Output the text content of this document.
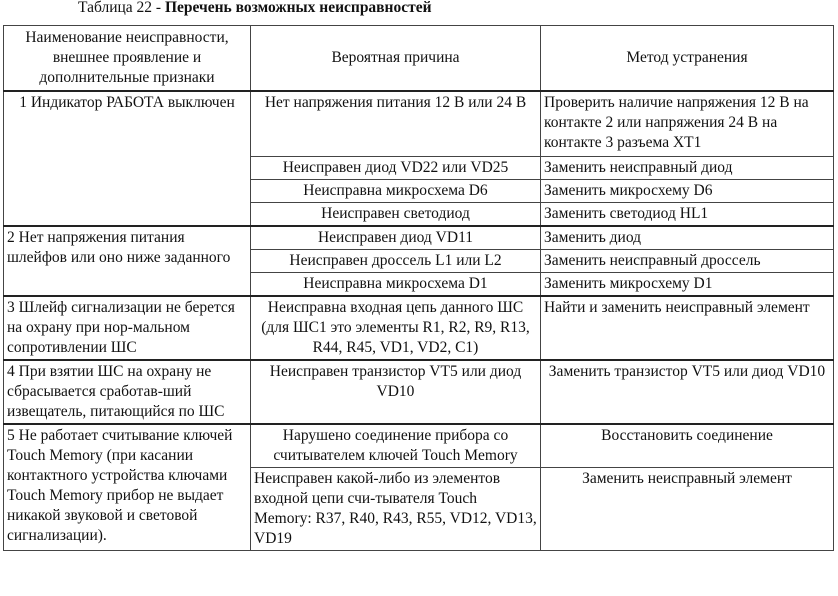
Таблица 22 - Перечень возможных неисправностей
Наименование неисправности, внешнее проявление и дополнительные признаки	Вероятная причина	Метод устранения
1 Индикатор РАБОТА выключен	Нет напряжения питания 12 В или 24 В	Проверить наличие напряжения 12 В на контакте 2 или напряжения 24 В на контакте 3 разъема ХТ1
	Неисправен диод VD22 или VD25	Заменить неисправный диод
	Неисправна микросхема D6	Заменить микросхему D6
	Неисправен светодиод	Заменить светодиод HL1
2 Нет напряжения питания шлейфов или оно ниже заданного	Неисправен диод VD11	Заменить диод
	Неисправен дроссель L1 или L2	Заменить неисправный дроссель
	Неисправна микросхема D1	Заменить микросхему D1
3 Шлейф сигнализации не берется на охрану при нор-мальном сопротивлении ШС	Неисправна входная цепь данного ШС (для ШС1 это элементы R1, R2, R9, R13, R44, R45, VD1, VD2, C1)	Найти и заменить неисправный элемент
4 При взятии ШС на охрану не сбрасывается сработав-ший извещатель, питающийся по ШС	Неисправен транзистор VT5 или диод VD10	Заменить транзистор VT5 или диод VD10
5 Не работает считывание ключей Touch Memory (при касании контактного устройства ключами Touch Memory прибор не выдает никакой звуковой и световой сигнализации).	Нарушено соединение прибора со считывателем ключей Touch Memory	Восстановить соединение
	Неисправен какой-либо из элементов входной цепи счи-тывателя Touch Memory: R37, R40, R43, R55, VD12, VD13, VD19	Заменить неисправный элемент
